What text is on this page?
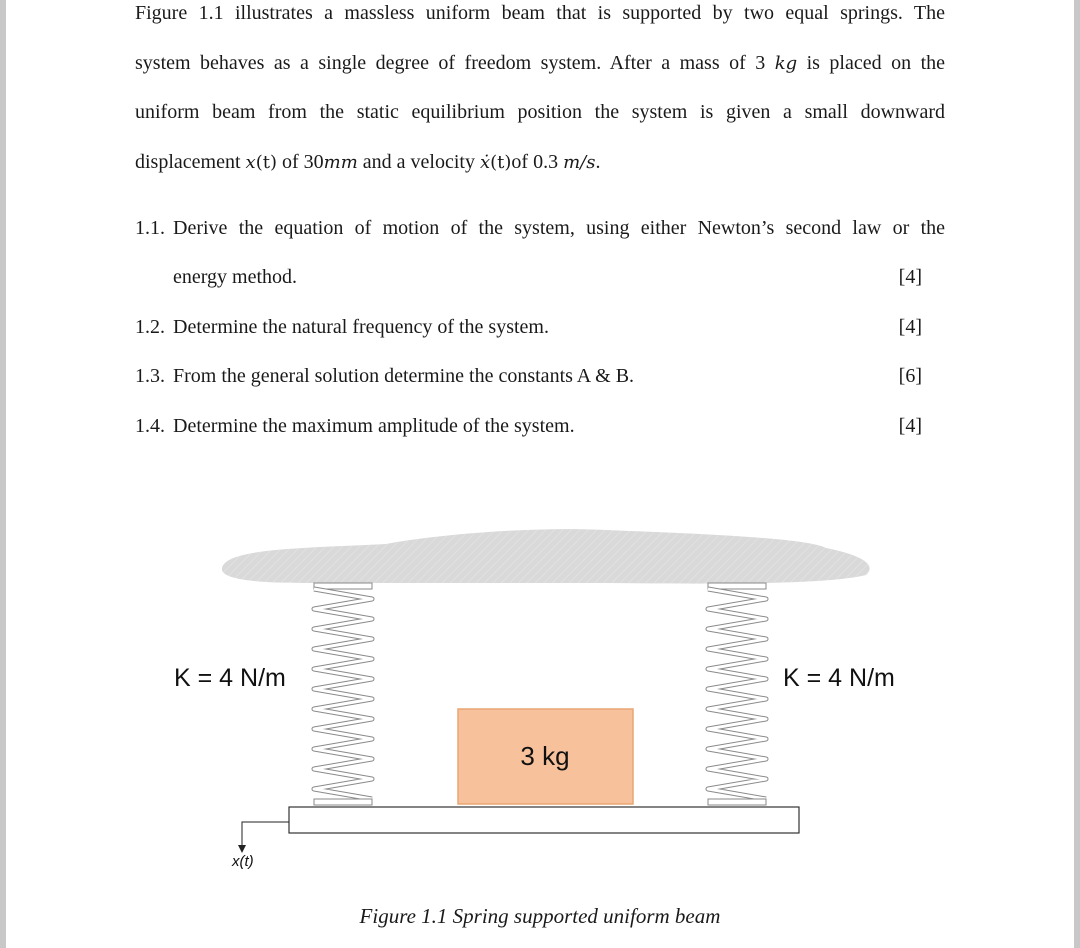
Figure 1.1 illustrates a massless uniform beam that is supported by two equal springs. The

system behaves as a single degree of freedom system. After a mass of 3 kg is placed on the

uniform beam from the static equilibrium position the system is given a small downward

displacement x(t) of 30mm and a velocity ẋ(t)of 0.3 m/s.

1.1. Derive the equation of motion of the system, using either Newton’s second law or the
energy method.	[4]
1.2. Determine the natural frequency of the system.	[4]
1.3. From the general solution determine the constants A & B.	[6]
1.4. Determine the maximum amplitude of the system.	[4]
3 kg
x(t)
K = 4 N/m	K = 4 N/m
Figure 1.1 Spring supported uniform beam
